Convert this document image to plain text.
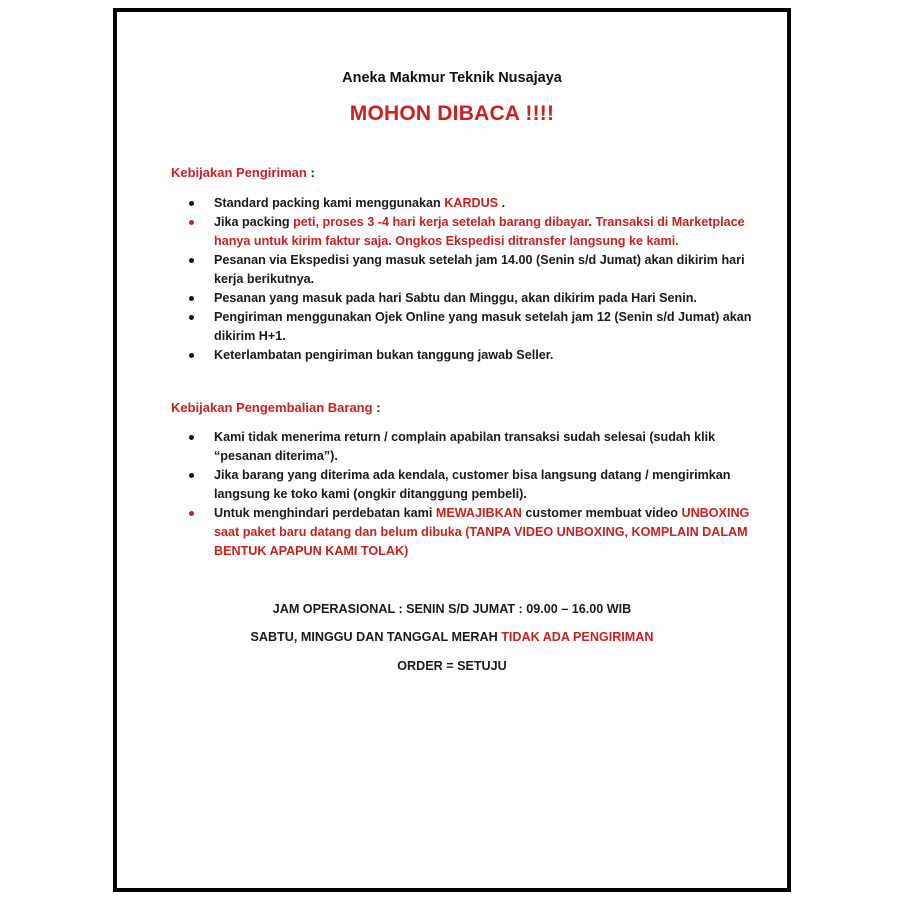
Aneka Makmur Teknik Nusajaya
MOHON DIBACA !!!!
Kebijakan Pengiriman :
Standard packing kami menggunakan KARDUS .
Jika packing peti, proses 3 -4 hari kerja setelah barang dibayar. Transaksi di Marketplace hanya untuk kirim faktur saja. Ongkos Ekspedisi ditransfer langsung ke kami.
Pesanan via Ekspedisi yang masuk setelah jam 14.00 (Senin s/d Jumat) akan dikirim hari kerja berikutnya.
Pesanan yang masuk pada hari Sabtu dan Minggu, akan dikirim pada Hari Senin.
Pengiriman menggunakan Ojek Online yang masuk setelah jam 12 (Senin s/d Jumat) akan dikirim H+1.
Keterlambatan pengiriman bukan tanggung jawab Seller.
Kebijakan Pengembalian Barang :
Kami tidak menerima return / complain apabilan transaksi sudah selesai (sudah klik “pesanan diterima”).
Jika barang yang diterima ada kendala, customer bisa langsung datang / mengirimkan langsung ke toko kami (ongkir ditanggung pembeli).
Untuk menghindari perdebatan kami MEWAJIBKAN customer membuat video UNBOXING saat paket baru datang dan belum dibuka (TANPA VIDEO UNBOXING, KOMPLAIN DALAM BENTUK APAPUN KAMI TOLAK)
JAM OPERASIONAL : SENIN S/D JUMAT : 09.00 – 16.00 WIB
SABTU, MINGGU DAN TANGGAL MERAH TIDAK ADA PENGIRIMAN
ORDER = SETUJU
